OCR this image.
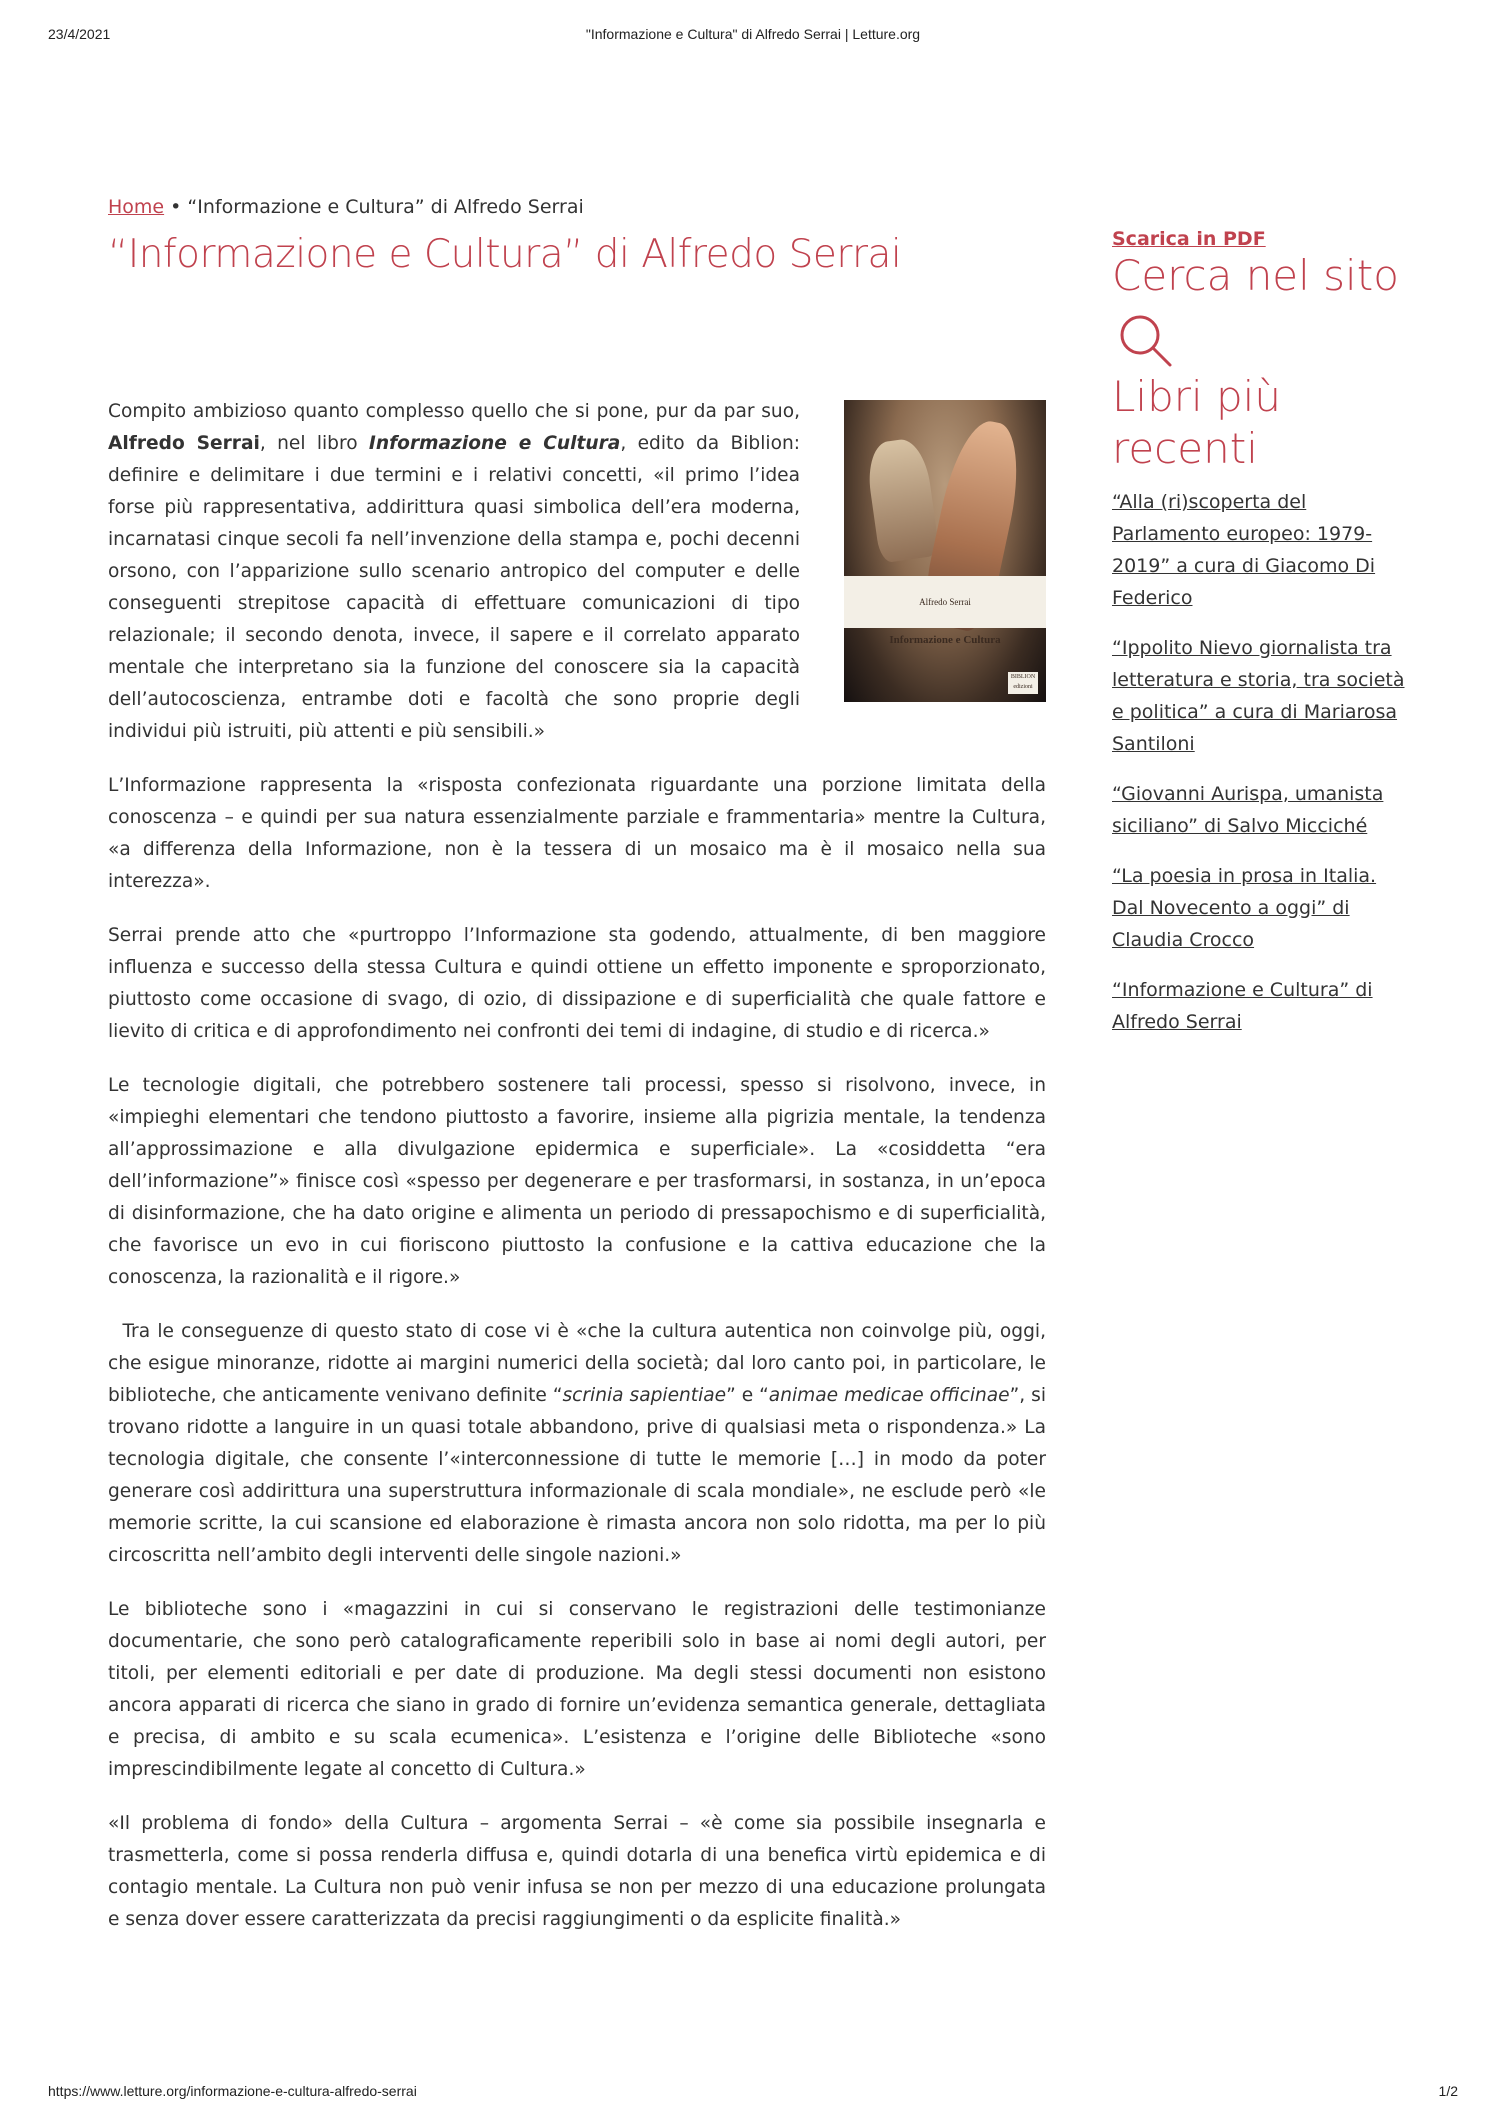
23/4/2021	"Informazione e Cultura" di Alfredo Serrai | Letture.org
Home • “Informazione e Cultura” di Alfredo Serrai
“Informazione e Cultura” di Alfredo Serrai

Alfredo Serrai
Informazione e Cultura
BIBLION edizioni
Compito ambizioso quanto complesso quello che si pone, pur da par suo, Alfredo Serrai, nel libro Informazione e Cultura, edito da Biblion: definire e delimitare i due termini e i relativi concetti, «il primo l’idea forse più rappresentativa, addirittura quasi simbolica dell’era moderna, incarnatasi cinque secoli fa nell’invenzione della stampa e, pochi decenni orsono, con l’apparizione sullo scenario antropico del computer e delle conseguenti strepitose capacità di effettuare comunicazioni di tipo relazionale; il secondo denota, invece, il sapere e il correlato apparato mentale che interpretano sia la funzione del conoscere sia la capacità dell’autocoscienza, entrambe doti e facoltà che sono proprie degli individui più istruiti, più attenti e più sensibili.»

L’Informazione rappresenta la «risposta confezionata riguardante una porzione limitata della conoscenza – e quindi per sua natura essenzialmente parziale e frammentaria» mentre la Cultura, «a differenza della Informazione, non è la tessera di un mosaico ma è il mosaico nella sua interezza».

Serrai prende atto che «purtroppo l’Informazione sta godendo, attualmente, di ben maggiore influenza e successo della stessa Cultura e quindi ottiene un effetto imponente e sproporzionato, piuttosto come occasione di svago, di ozio, di dissipazione e di superficialità che quale fattore e lievito di critica e di approfondimento nei confronti dei temi di indagine, di studio e di ricerca.»

Le tecnologie digitali, che potrebbero sostenere tali processi, spesso si risolvono, invece, in «impieghi elementari che tendono piuttosto a favorire, insieme alla pigrizia mentale, la tendenza all’approssimazione e alla divulgazione epidermica e superficiale». La «cosiddetta “era dell’informazione”» finisce così «spesso per degenerare e per trasformarsi, in sostanza, in un’epoca di disinformazione, che ha dato origine e alimenta un periodo di pressapochismo e di superficialità, che favorisce un evo in cui fioriscono piuttosto la confusione e la cattiva educazione che la conoscenza, la razionalità e il rigore.»

Tra le conseguenze di questo stato di cose vi è «che la cultura autentica non coinvolge più, oggi, che esigue minoranze, ridotte ai margini numerici della società; dal loro canto poi, in particolare, le biblioteche, che anticamente venivano definite “scrinia sapientiae” e “animae medicae officinae”, si trovano ridotte a languire in un quasi totale abbandono, prive di qualsiasi meta o rispondenza.» La tecnologia digitale, che consente l’«interconnessione di tutte le memorie […] in modo da poter generare così addirittura una superstruttura informazionale di scala mondiale», ne esclude però «le memorie scritte, la cui scansione ed elaborazione è rimasta ancora non solo ridotta, ma per lo più circoscritta nell’ambito degli interventi delle singole nazioni.»

Le biblioteche sono i «magazzini in cui si conservano le registrazioni delle testimonianze documentarie, che sono però catalograficamente reperibili solo in base ai nomi degli autori, per titoli, per elementi editoriali e per date di produzione. Ma degli stessi documenti non esistono ancora apparati di ricerca che siano in grado di fornire un’evidenza semantica generale, dettagliata e precisa, di ambito e su scala ecumenica». L’esistenza e l’origine delle Biblioteche «sono imprescindibilmente legate al concetto di Cultura.»

«Il problema di fondo» della Cultura – argomenta Serrai – «è come sia possibile insegnarla e trasmetterla, come si possa renderla diffusa e, quindi dotarla di una benefica virtù epidemica e di contagio mentale. La Cultura non può venir infusa se non per mezzo di una educazione prolungata e senza dover essere caratterizzata da precisi raggiungimenti o da esplicite finalità.»

Scarica in PDF
Cerca nel sito
Libri più recenti
“Alla (ri)scoperta del Parlamento europeo: 1979-2019” a cura di Giacomo Di Federico
“Ippolito Nievo giornalista tra letteratura e storia, tra società e politica” a cura di Mariarosa Santiloni
“Giovanni Aurispa, umanista siciliano” di Salvo Micciché
“La poesia in prosa in Italia. Dal Novecento a oggi” di Claudia Crocco
“Informazione e Cultura” di Alfredo Serrai
https://www.letture.org/informazione-e-cultura-alfredo-serrai	1/2
